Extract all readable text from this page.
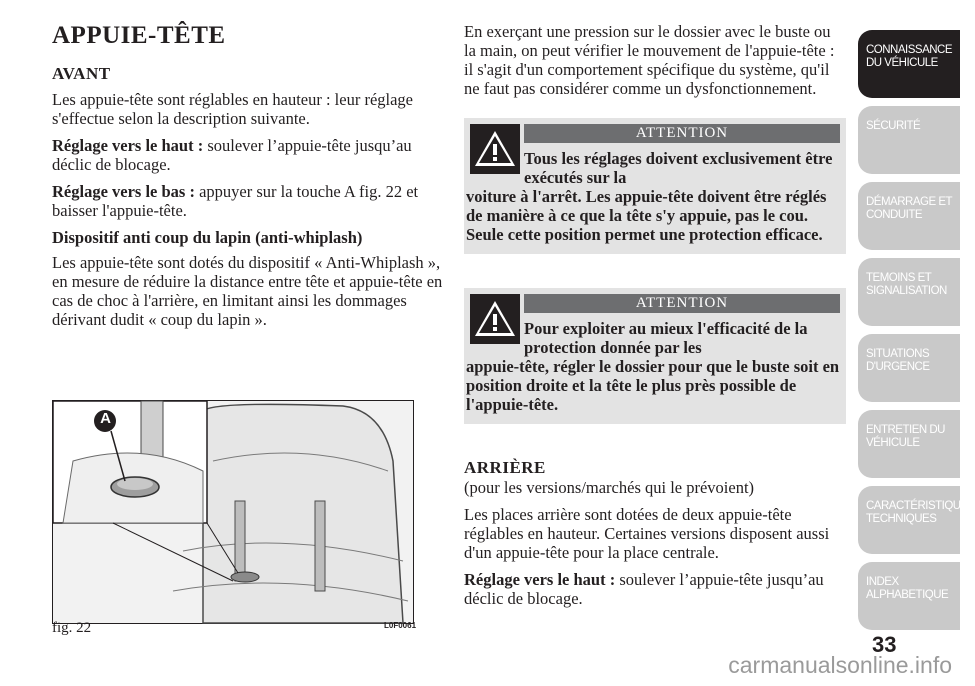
APPUIE-TÊTE
AVANT

Les appuie-tête sont réglables en hauteur : leur réglage s'effectue selon la description suivante.

Réglage vers le haut : soulever l’appuie-tête jusqu’au déclic de blocage.

Réglage vers le bas : appuyer sur la touche A fig. 22 et baisser l'appuie-tête.

Dispositif anti coup du lapin (anti-whiplash)

Les appuie-tête sont dotés du dispositif « Anti-Whiplash », en mesure de réduire la distance entre tête et appuie-tête en cas de choc à l'arrière, en limitant ainsi les dommages dérivant dudit « coup du lapin ».

A
fig. 22	L0F0061

En exerçant une pression sur le dossier avec le buste ou la main, on peut vérifier le mouvement de l'appuie-tête : il s'agit d'un comportement spécifique du système, qu'il ne faut pas considérer comme un dysfonctionnement.

ATTENTION
Tous les réglages doivent exclusivement être exécutés sur la
voiture à l'arrêt. Les appuie-tête doivent être réglés de manière à ce que la tête s'y appuie, pas le cou. Seule cette position permet une protection efficace.
ATTENTION
Pour exploiter au mieux l'efficacité de la protection donnée par les
appuie-tête, régler le dossier pour que le buste soit en position droite et la tête le plus près possible de l'appuie-tête.
ARRIÈRE

(pour les versions/marchés qui le prévoient)

Les places arrière sont dotées de deux appuie-tête réglables en hauteur. Certaines versions disposent aussi d'un appuie-tête pour la place centrale.

Réglage vers le haut : soulever l’appuie-tête jusqu’au déclic de blocage.

CONNAISSANCE DU VÉHICULE
SÉCURITÉ
DÉMARRAGE ET CONDUITE
TEMOINS ET SIGNALISATION
SITUATIONS D'URGENCE
ENTRETIEN DU VÉHICULE
CARACTÉRISTIQUES TECHNIQUES
INDEX ALPHABETIQUE
33
carmanualsonline.info
